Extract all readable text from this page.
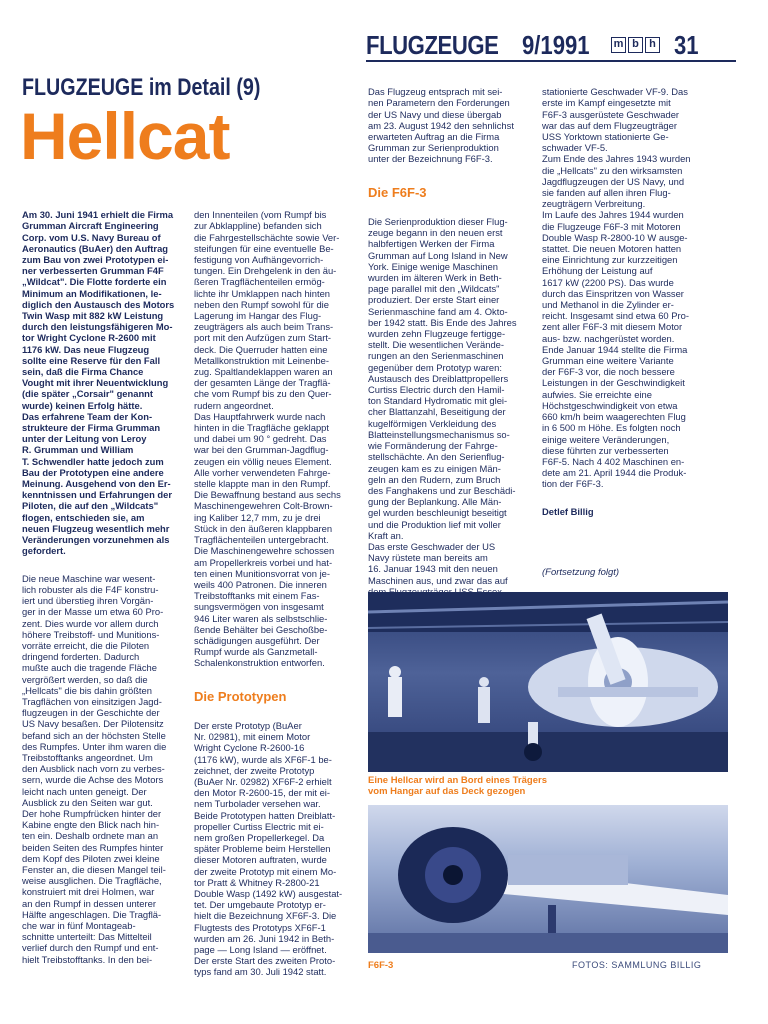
FLUGZEUGE 9/1991 m b h 31
FLUGZEUGE im Detail (9)
Hellcat

Am 30. Juni 1941 erhielt die Firma
Grumman Aircraft Engineering
Corp. vom U.S. Navy Bureau of
Aeronautics (BuAer) den Auftrag
zum Bau von zwei Prototypen ei-
ner verbesserten Grumman F4F
„Wildcat". Die Flotte forderte ein
Minimum an Modifikationen, le-
diglich den Austausch des Motors
Twin Wasp mit 882 kW Leistung
durch den leistungsfähigeren Mo-
tor Wright Cyclone R-2600 mit
1176 kW. Das neue Flugzeug
sollte eine Reserve für den Fall
sein, daß die Firma Chance
Vought mit ihrer Neuentwicklung
(die später „Corsair" genannt
wurde) keinen Erfolg hätte.
Das erfahrene Team der Kon-
strukteure der Firma Grumman
unter der Leitung von Leroy
R. Grumman und William
T. Schwendler hatte jedoch zum
Bau der Prototypen eine andere
Meinung. Ausgehend von den Er-
kenntnissen und Erfahrungen der
Piloten, die auf den „Wildcats"
flogen, entschieden sie, am
neuen Flugzeug wesentlich mehr
Veränderungen vorzunehmen als
gefordert.

Die neue Maschine war wesent-
lich robuster als die F4F konstru-
iert und überstieg ihren Vorgän-
ger in der Masse um etwa 60 Pro-
zent. Dies wurde vor allem durch
höhere Treibstoff- und Munitions-
vorräte erreicht, die die Piloten
dringend forderten. Dadurch
mußte auch die tragende Fläche
vergrößert werden, so daß die
„Hellcats" die bis dahin größten
Tragflächen von einsitzigen Jagd-
flugzeugen in der Geschichte der
US Navy besaßen. Der Pilotensitz
befand sich an der höchsten Stelle
des Rumpfes. Unter ihm waren die
Treibstofftanks angeordnet. Um
den Ausblick nach vorn zu verbes-
sern, wurde die Achse des Motors
leicht nach unten geneigt. Der
Ausblick zu den Seiten war gut.
Der hohe Rumpfrücken hinter der
Kabine engte den Blick nach hin-
ten ein. Deshalb ordnete man an
beiden Seiten des Rumpfes hinter
dem Kopf des Piloten zwei kleine
Fenster an, die diesen Mangel teil-
weise ausglichen. Die Tragfläche,
konstruiert mit drei Holmen, war
an den Rumpf in dessen unterer
Hälfte angeschlagen. Die Tragflä-
che war in fünf Montageab-
schnitte unterteilt: Das Mittelteil
verlief durch den Rumpf und ent-
hielt Treibstofftanks. In den bei-

den Innenteilen (vom Rumpf bis
zur Abklappline) befanden sich
die Fahrgestellschächte sowie Ver-
steifungen für eine eventuelle Be-
festigung von Aufhängevorrich-
tungen. Ein Drehgelenk in den äu-
ßeren Tragflächenteilen ermög-
lichte ihr Umklappen nach hinten
neben den Rumpf sowohl für die
Lagerung im Hangar des Flug-
zeugträgers als auch beim Trans-
port mit den Aufzügen zum Start-
deck. Die Querruder hatten eine
Metallkonstruktion mit Leinenbe-
zug. Spaltlandeklappen waren an
der gesamten Länge der Tragflä-
che vom Rumpf bis zu den Quer-
rudern angeordnet.
Das Hauptfahrwerk wurde nach
hinten in die Tragfläche geklappt
und dabei um 90 ° gedreht. Das
war bei den Grumman-Jagdflug-
zeugen ein völlig neues Element.
Alle vorher verwendeten Fahrge-
stelle klappte man in den Rumpf.
Die Bewaffnung bestand aus sechs
Maschinengewehren Colt-Brown-
ing Kaliber 12,7 mm, zu je drei
Stück in den äußeren klappbaren
Tragflächenteilen untergebracht.
Die Maschinengewehre schossen
am Propellerkreis vorbei und hat-
ten einen Munitionsvorrat von je-
weils 400 Patronen. Die inneren
Treibstofftanks mit einem Fas-
sungsvermögen von insgesamt
946 Liter waren als selbstschlie-
ßende Behälter bei Geschoßbe-
schädigungen ausgeführt. Der
Rumpf wurde als Ganzmetall-
Schalenkonstruktion entworfen.

Die Prototypen

Der erste Prototyp (BuAer
Nr. 02981), mit einem Motor
Wright Cyclone R-2600-16
(1176 kW), wurde als XF6F-1 be-
zeichnet, der zweite Prototyp
(BuAer Nr. 02982) XF6F-2 erhielt
den Motor R-2600-15, der mit ei-
nem Turbolader versehen war.
Beide Prototypen hatten Dreiblatt-
propeller Curtiss Electric mit ei-
nem großen Propellerkegel. Da
später Probleme beim Herstellen
dieser Motoren auftraten, wurde
der zweite Prototyp mit einem Mo-
tor Pratt & Whitney R-2800-21
Double Wasp (1492 kW) ausgestat-
tet. Der umgebaute Prototyp er-
hielt die Bezeichnung XF6F-3. Die
Flugtests des Prototyps XF6F-1
wurden am 26. Juni 1942 in Beth-
page — Long Island — eröffnet.
Der erste Start des zweiten Proto-
typs fand am 30. Juli 1942 statt.

Das Flugzeug entsprach mit sei-
nen Parametern den Forderungen
der US Navy und diese übergab
am 23. August 1942 den sehnlichst
erwarteten Auftrag an die Firma
Grumman zur Serienproduktion
unter der Bezeichnung F6F-3.

Die F6F-3

Die Serienproduktion dieser Flug-
zeuge begann in den neuen erst
halbfertigen Werken der Firma
Grumman auf Long Island in New
York. Einige wenige Maschinen
wurden im älteren Werk in Beth-
page parallel mit den „Wildcats"
produziert. Der erste Start einer
Serienmaschine fand am 4. Okto-
ber 1942 statt. Bis Ende des Jahres
wurden zehn Flugzeuge fertigge-
stellt. Die wesentlichen Verände-
rungen an den Serienmaschinen
gegenüber dem Prototyp waren:
Austausch des Dreiblattpropellers
Curtiss Electric durch den Hamil-
ton Standard Hydromatic mit glei-
cher Blattanzahl, Beseitigung der
kugelförmigen Verkleidung des
Blatteinstellungsmechanismus so-
wie Formänderung der Fahrge-
stellschächte. An den Serienflug-
zeugen kam es zu einigen Män-
geln an den Rudern, zum Bruch
des Fanghakens und zur Beschädi-
gung der Beplankung. Alle Män-
gel wurden beschleunigt beseitigt
und die Produktion lief mit voller
Kraft an.
Das erste Geschwader der US
Navy rüstete man bereits am
16. Januar 1943 mit den neuen
Maschinen aus, und zwar das auf

stationierte Geschwader VF-9. Das
erste im Kampf eingesetzte mit
F6F-3 ausgerüstete Geschwader
war das auf dem Flugzeugträger
USS Yorktown stationierte Ge-
schwader VF-5.
Zum Ende des Jahres 1943 wurden
die „Hellcats" zu den wirksamsten
Jagdflugzeugen der US Navy, und
sie fanden auf allen ihren Flug-
zeugträgern Verbreitung.
Im Laufe des Jahres 1944 wurden
die Flugzeuge F6F-3 mit Motoren
Double Wasp R-2800-10 W ausge-
stattet. Die neuen Motoren hatten
eine Einrichtung zur kurzzeitigen
Erhöhung der Leistung auf
1617 kW (2200 PS). Das wurde
durch das Einspritzen von Wasser
und Methanol in die Zylinder er-
reicht. Insgesamt sind etwa 60 Pro-
zent aller F6F-3 mit diesem Motor
aus- bzw. nachgerüstet worden.
Ende Januar 1944 stellte die Firma
Grumman eine weitere Variante
der F6F-3 vor, die noch bessere
Leistungen in der Geschwindigkeit
aufwies. Sie erreichte eine
Höchstgeschwindigkeit von etwa
660 km/h beim waagerechten Flug
in 6 500 m Höhe. Es folgten noch
einige weitere Veränderungen,
diese führten zur verbesserten
F6F-5. Nach 4 402 Maschinen en-
dete am 21. April 1944 die Produk-
tion der F6F-3.

Detlef Billig

(Fortsetzung folgt)
Eine Hellcar wird an Bord eines Trägers
vom Hangar auf das Deck gezogen
F6F-3	FOTOS: SAMMLUNG BILLIG
